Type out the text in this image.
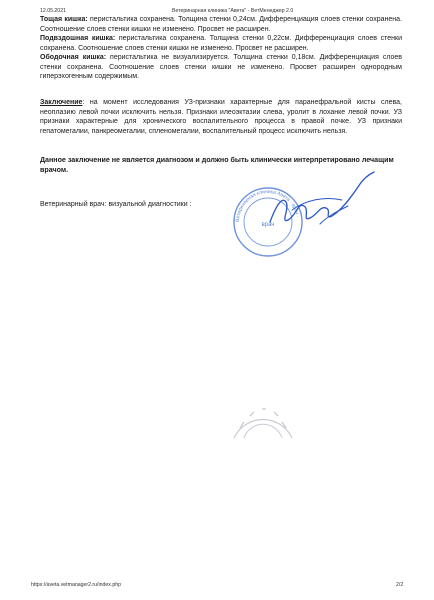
12.05.2021	Ветеринарная клиника "Авета" - ВетМенеджер 2.0
Тощая кишка: перистальтика сохранена. Толщина стенки 0,24см. Дифференциация слоев стенки сохранена. Соотношение слоев стенки кишки не изменено. Просвет не расширен.
Подвздошная кишка: перистальтика сохранена. Толщина стенки 0,22см. Дифференциация слоев стенки сохранена. Соотношение слоев стенки кишки не изменено. Просвет не расширен.
Ободочная кишка: перистальтика не визуализируется. Толщина стенки 0,18см. Дифференциация слоев стенки сохранена. Соотношение слоев стенки кишки не изменено. Просвет расширен однородным гиперэхогенным содержимым.
Заключение: на момент исследования УЗ-признаки характерные для паранефральной кисты слева, неоплазию левой почки исключить нельзя. Признаки илеоэктазии слева, уролит в лоханке левой почки. УЗ признаки характерные для хронического воспалительного процесса в правой почке. УЗ признаки гепатомегалии, панкреомегалии, спленомегалии, воспалительный процесс исключить нельзя.
Данное заключение не является диагнозом и должно быть клинически интерпретировано лечащим врачом.
Ветеринарный врач: визуальной диагностики :
Ветеринарная клиника Авета · врач ·
врач
https://aveta.vetmanager2.ru/index.php	2/2
